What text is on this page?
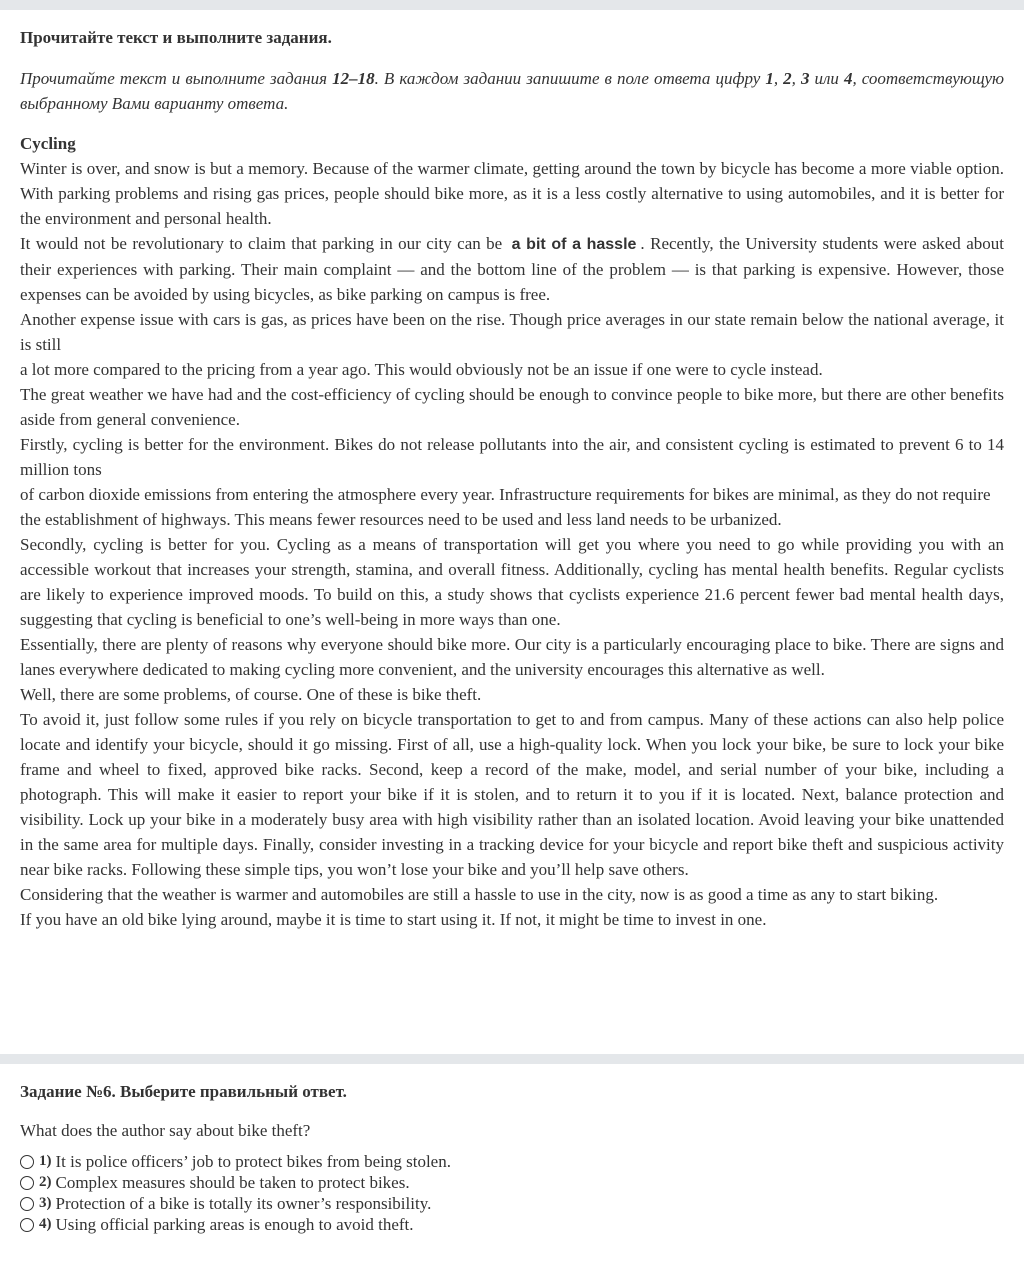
Прочитайте текст и выполните задания.

Прочитайте текст и выполните задания 12–18. В каждом задании запишите в поле ответа цифру 1, 2, 3 или 4, соответствующую выбранному Вами варианту ответа.

Cycling

Winter is over, and snow is but a memory. Because of the warmer climate, getting around the town by bicycle has become a more viable option. With parking problems and rising gas prices, people should bike more, as it is a less costly alternative to using automobiles, and it is better for the environment and personal health.

It would not be revolutionary to claim that parking in our city can be a bit of a hassle . Recently, the University students were asked about their experiences with parking. Their main complaint — and the bottom line of the problem — is that parking is expensive. However, those expenses can be avoided by using bicycles, as bike parking on campus is free.

Another expense issue with cars is gas, as prices have been on the rise. Though price averages in our state remain below the national average, it is still

a lot more compared to the pricing from a year ago. This would obviously not be an issue if one were to cycle instead.

The great weather we have had and the cost-efficiency of cycling should be enough to convince people to bike more, but there are other benefits aside from general convenience.

Firstly, cycling is better for the environment. Bikes do not release pollutants into the air, and consistent cycling is estimated to prevent 6 to 14 million tons

of carbon dioxide emissions from entering the atmosphere every year. Infrastructure requirements for bikes are minimal, as they do not require

the establishment of highways. This means fewer resources need to be used and less land needs to be urbanized.

Secondly, cycling is better for you. Cycling as a means of transportation will get you where you need to go while providing you with an accessible workout that increases your strength, stamina, and overall fitness. Additionally, cycling has mental health benefits. Regular cyclists are likely to experience improved moods. To build on this, a study shows that cyclists experience 21.6 percent fewer bad mental health days, suggesting that cycling is beneficial to one’s well-being in more ways than one.

Essentially, there are plenty of reasons why everyone should bike more. Our city is a particularly encouraging place to bike. There are signs and lanes everywhere dedicated to making cycling more convenient, and the university encourages this alternative as well.

Well, there are some problems, of course. One of these is bike theft.

To avoid it, just follow some rules if you rely on bicycle transportation to get to and from campus. Many of these actions can also help police locate and identify your bicycle, should it go missing. First of all, use a high-quality lock. When you lock your bike, be sure to lock your bike frame and wheel to fixed, approved bike racks. Second, keep a record of the make, model, and serial number of your bike, including a photograph. This will make it easier to report your bike if it is stolen, and to return it to you if it is located. Next, balance protection and visibility. Lock up your bike in a moderately busy area with high visibility rather than an isolated location. Avoid leaving your bike unattended in the same area for multiple days. Finally, consider investing in a tracking device for your bicycle and report bike theft and suspicious activity near bike racks. Following these simple tips, you won’t lose your bike and you’ll help save others.

Considering that the weather is warmer and automobiles are still a hassle to use in the city, now is as good a time as any to start biking.

If you have an old bike lying around, maybe it is time to start using it. If not, it might be time to invest in one.

Задание №6. Выберите правильный ответ.

What does the author say about bike theft?

1) It is police officers’ job to protect bikes from being stolen.
2) Complex measures should be taken to protect bikes.
3) Protection of a bike is totally its owner’s responsibility.
4) Using official parking areas is enough to avoid theft.
